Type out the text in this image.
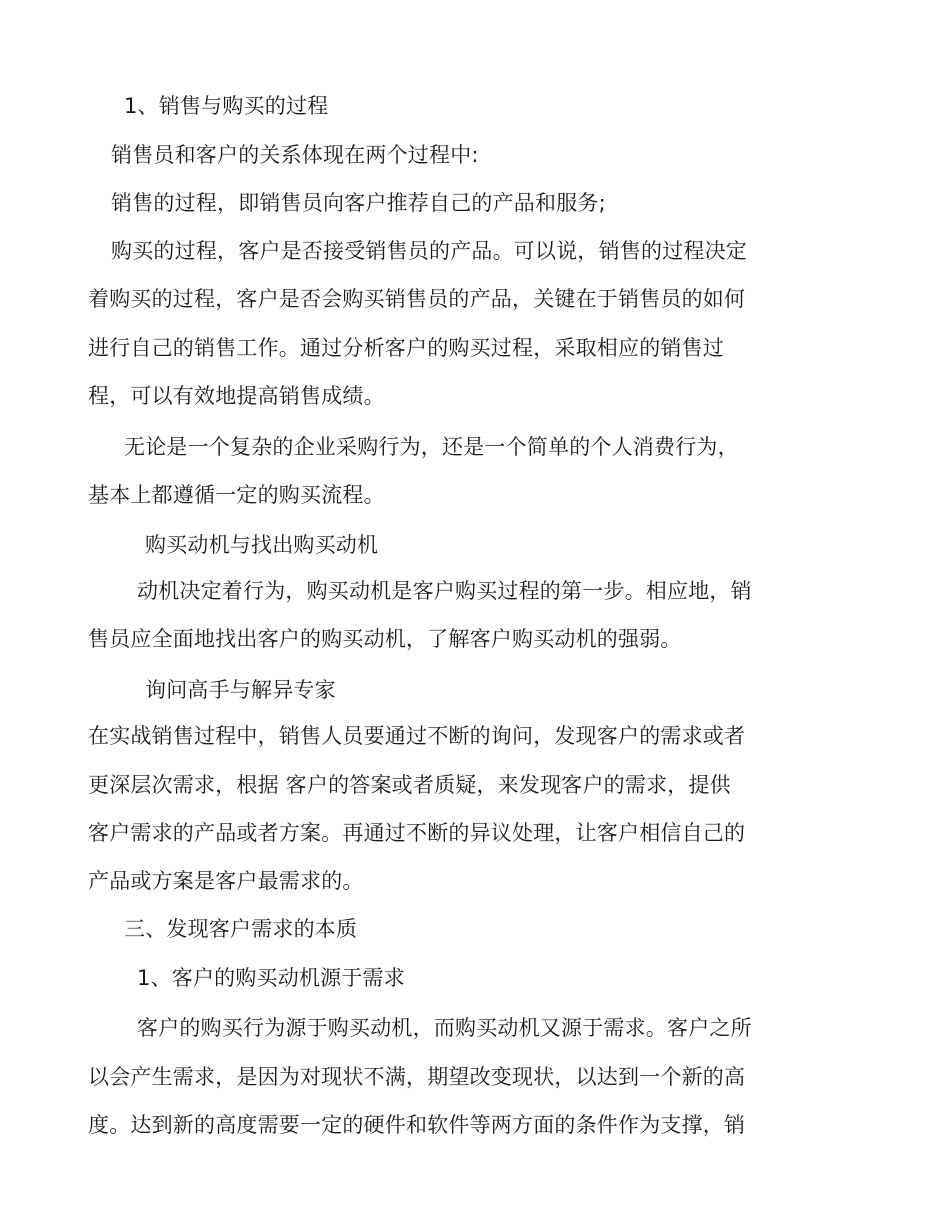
1、销售与购买的过程
销售员和客户的关系体现在两个过程中:
销售的过程，即销售员向客户推荐自己的产品和服务;
购买的过程，客户是否接受销售员的产品。可以说，销售的过程决定
着购买的过程，客户是否会购买销售员的产品，关键在于销售员的如何
进行自己的销售工作。通过分析客户的购买过程，采取相应的销售过
程，可以有效地提高销售成绩。
无论是一个复杂的企业采购行为，还是一个简单的个人消费行为，
基本上都遵循一定的购买流程。
购买动机与找出购买动机
动机决定着行为，购买动机是客户购买过程的第一步。相应地，销
售员应全面地找出客户的购买动机，了解客户购买动机的强弱。
询问高手与解异专家
在实战销售过程中，销售人员要通过不断的询问，发现客户的需求或者
更深层次需求，根据 客户的答案或者质疑，来发现客户的需求，提供
客户需求的产品或者方案。再通过不断的异议处理，让客户相信自己的
产品或方案是客户最需求的。
三、发现客户需求的本质
1、客户的购买动机源于需求
客户的购买行为源于购买动机，而购买动机又源于需求。客户之所
以会产生需求，是因为对现状不满，期望改变现状，以达到一个新的高
度。达到新的高度需要一定的硬件和软件等两方面的条件作为支撑，销
